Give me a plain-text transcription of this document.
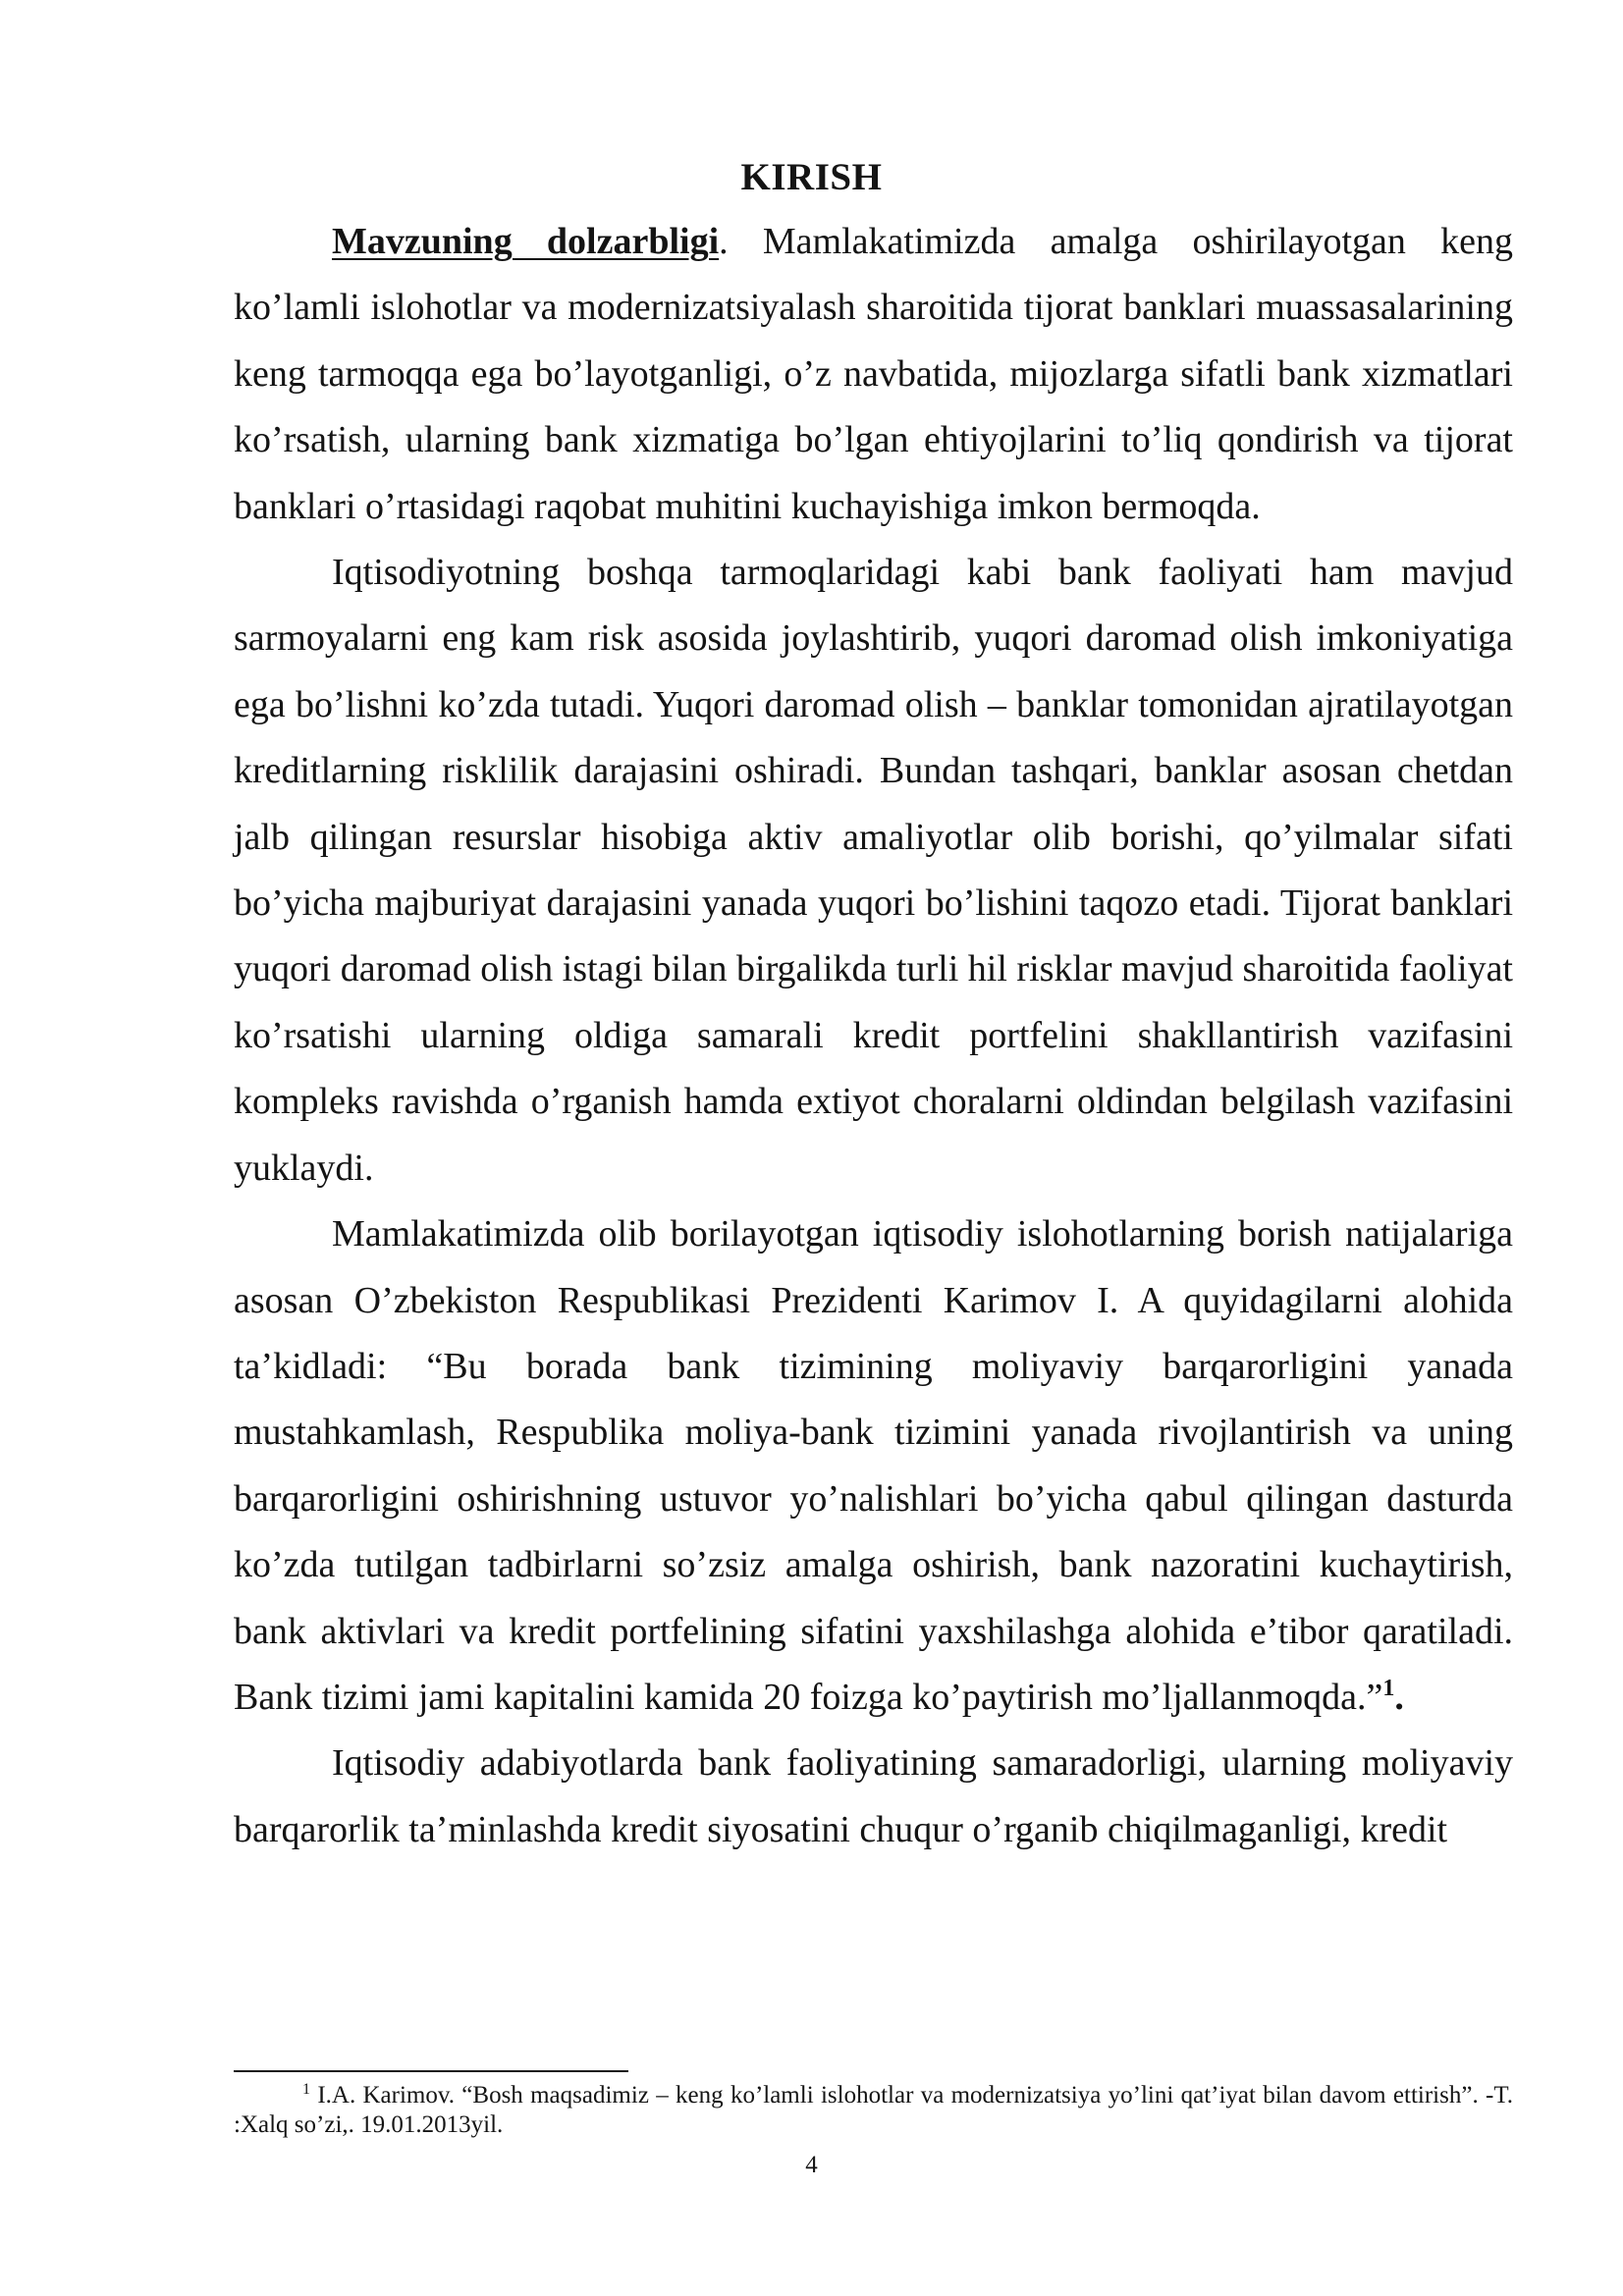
KIRISH

Mavzuning dolzarbligi. Mamlakatimizda amalga oshirilayotgan keng ko’lamli islohotlar va modernizatsiyalash sharoitida tijorat banklari muassasalarining keng tarmoqqa ega bo’layotganligi, o’z navbatida, mijozlarga sifatli bank xizmatlari ko’rsatish, ularning bank xizmatiga bo’lgan ehtiyojlarini to’liq qondirish va tijorat banklari o’rtasidagi raqobat muhitini kuchayishiga imkon bermoqda.

Iqtisodiyotning boshqa tarmoqlaridagi kabi bank faoliyati ham mavjud sarmoyalarni eng kam risk asosida joylashtirib, yuqori daromad olish imkoniyatiga ega bo’lishni ko’zda tutadi. Yuqori daromad olish – banklar tomonidan ajratilayotgan kreditlarning risklilik darajasini oshiradi. Bundan tashqari, banklar asosan chetdan jalb qilingan resurslar hisobiga aktiv amaliyotlar olib borishi, qo’yilmalar sifati bo’yicha majburiyat darajasini yanada yuqori bo’lishini taqozo etadi. Tijorat banklari yuqori daromad olish istagi bilan birgalikda turli hil risklar mavjud sharoitida faoliyat ko’rsatishi ularning oldiga samarali kredit portfelini shakllantirish vazifasini kompleks ravishda o’rganish hamda extiyot choralarni oldindan belgilash vazifasini yuklaydi.

Mamlakatimizda olib borilayotgan iqtisodiy islohotlarning borish natijalariga asosan O’zbekiston Respublikasi Prezidenti Karimov I. A quyidagilarni alohida ta’kidladi: “Bu borada bank tizimining moliyaviy barqarorligini yanada mustahkamlash, Respublika moliya-bank tizimini yanada rivojlantirish va uning barqarorligini oshirishning ustuvor yo’nalishlari bo’yicha qabul qilingan dasturda ko’zda tutilgan tadbirlarni so’zsiz amalga oshirish, bank nazoratini kuchaytirish, bank aktivlari va kredit portfelining sifatini yaxshilashga alohida e’tibor qaratiladi. Bank tizimi jami kapitalini kamida 20 foizga ko’paytirish mo’ljallanmoqda.”$^1$.

Iqtisodiy adabiyotlarda bank faoliyatining samaradorligi, ularning moliyaviy barqarorlik ta’minlashda kredit siyosatini chuqur o’rganib chiqilmaganligi, kredit

$^1$ I.A. Karimov. “Bosh maqsadimiz – keng ko’lamli islohotlar va modernizatsiya yo’lini qat’iyat bilan davom ettirish”. -T. :Xalq so’zi,. 19.01.2013yil.
4
